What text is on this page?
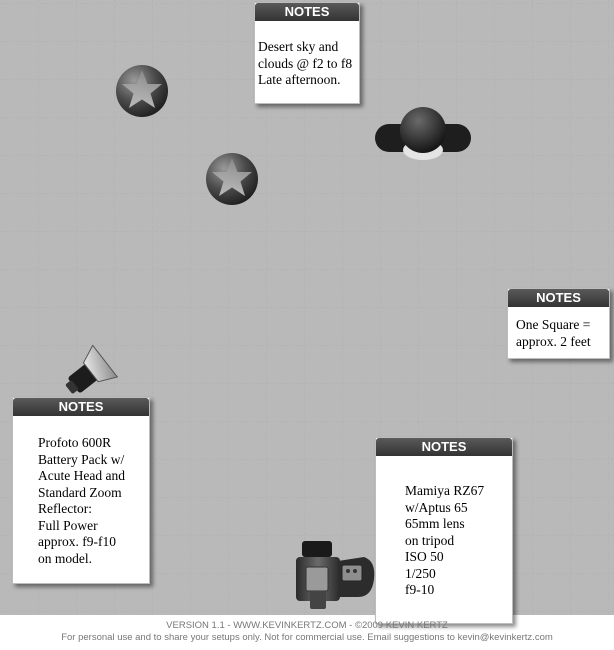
NOTES
Desert sky and
clouds @ f2 to f8
Late afternoon.
NOTES
One Square =
approx. 2 feet
NOTES
Profoto 600R
Battery Pack w/
Acute Head and
Standard Zoom
Reflector:
Full Power
approx. f9-f10
on model.
NOTES
Mamiya RZ67
w/Aptus 65
65mm lens
on tripod
ISO 50
1/250
f9-10
VERSION 1.1 - WWW.KEVINKERTZ.COM - ©2009 KEVIN KERTZ
For personal use and to share your setups only. Not for commercial use. Email suggestions to kevin@kevinkertz.com
